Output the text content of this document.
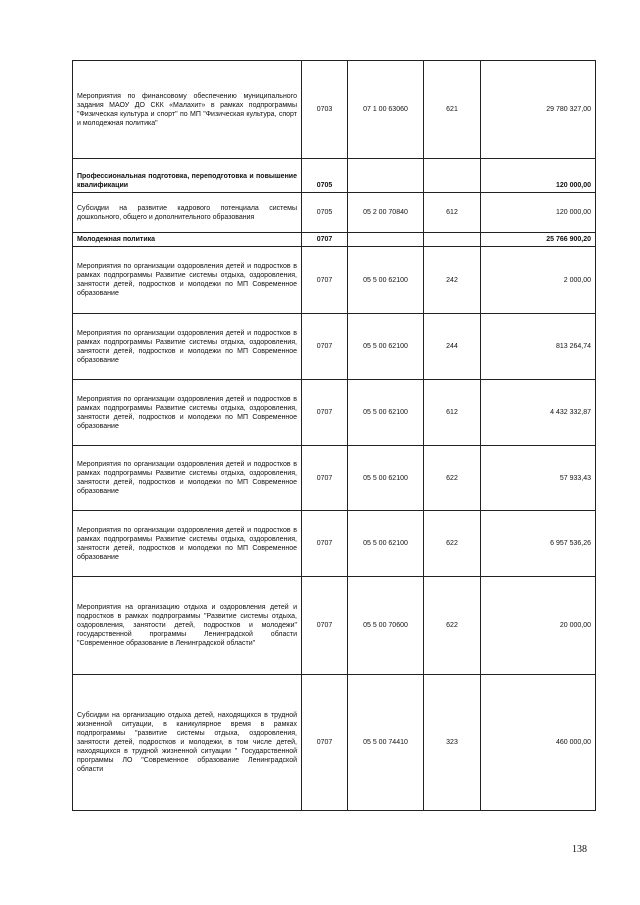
Мероприятия по финансовому обеспечению муниципального задания МАОУ ДО СКК «Малахит» в рамках подпрограммы "Физическая культура и спорт" по МП "Физическая культура, спорт и молодежная политика"	0703	07 1 00 63060	621	29 780 327,00
Профессиональная подготовка, переподготовка и повышение квалификации	0705			120 000,00
Субсидии на развитие кадрового потенциала системы дошкольного, общего и дополнительного образования	0705	05 2 00 70840	612	120 000,00
Молодежная политика	0707			25 766 900,20
Мероприятия по организации оздоровления детей и подростков в рамках подпрограммы Развитие системы отдыха, оздоровления, занятости детей, подростков и молодежи по МП Современное образование	0707	05 5 00 62100	242	2 000,00
Мероприятия по организации оздоровления детей и подростков в рамках подпрограммы Развитие системы отдыха, оздоровления, занятости детей, подростков и молодежи по МП Современное образование	0707	05 5 00 62100	244	813 264,74
Мероприятия по организации оздоровления детей и подростков в рамках подпрограммы Развитие системы отдыха, оздоровления, занятости детей, подростков и молодежи по МП Современное образование	0707	05 5 00 62100	612	4 432 332,87
Мероприятия по организации оздоровления детей и подростков в рамках подпрограммы Развитие системы отдыха, оздоровления, занятости детей, подростков и молодежи по МП Современное образование	0707	05 5 00 62100	622	57 933,43
Мероприятия по организации оздоровления детей и подростков в рамках подпрограммы Развитие системы отдыха, оздоровления, занятости детей, подростков и молодежи по МП Современное образование	0707	05 5 00 62100	622	6 957 536,26
Мероприятия на организацию отдыха и оздоровления детей и подростков в рамках подпрограммы "Развитие системы отдыха, оздоровления, занятости детей, подростков и молодежи" государственной программы Ленинградской области "Современное образование в Ленинградской области"	0707	05 5 00 70600	622	20 000,00
Субсидии на организацию отдыха детей, находящихся в трудной жизненной ситуации, в каникулярное время в рамках подпрограммы "развитие системы отдыха, оздоровления, занятости детей, подростков и молодежи, в том числе детей, находящихся в трудной жизненной ситуации " Государственной программы ЛО "Современное образование Ленинградской области	0707	05 5 00 74410	323	460 000,00
138
